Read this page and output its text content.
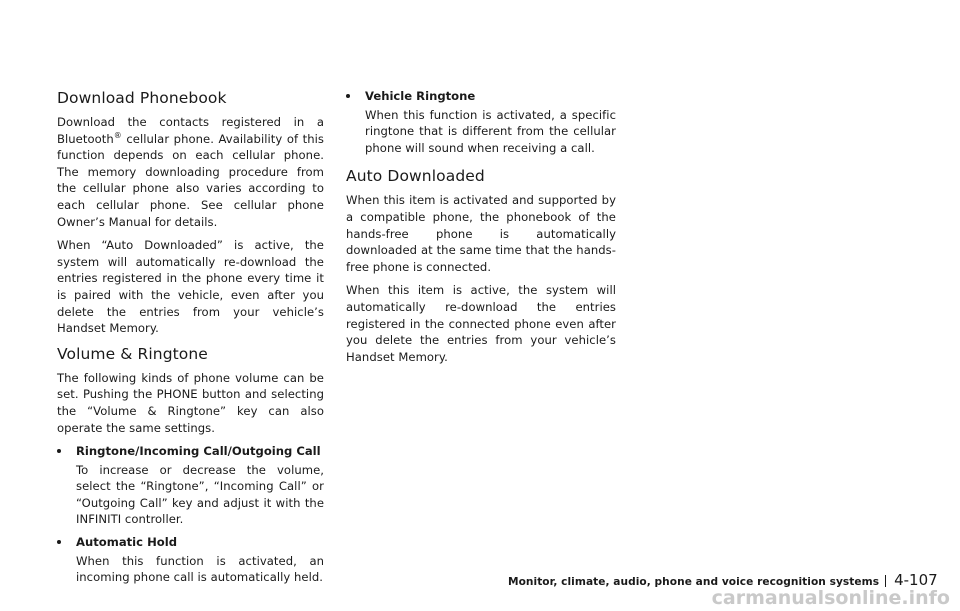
Download Phonebook

Download the contacts registered in a Bluetooth® cellular phone. Availability of this function depends on each cellular phone. The memory downloading procedure from the cellular phone also varies according to each cellular phone. See cellular phone Owner’s Manual for details.

When “Auto Downloaded” is active, the system will automatically re-download the entries registered in the phone every time it is paired with the vehicle, even after you delete the entries from your vehicle’s Handset Memory.

Volume & Ringtone

The following kinds of phone volume can be set. Pushing the PHONE button and selecting the “Volume & Ringtone” key can also operate the same settings.

Ringtone/Incoming Call/Outgoing Call

To increase or decrease the volume, select the “Ringtone”, “Incoming Call” or “Outgoing Call” key and adjust it with the INFINITI controller.

Automatic Hold

When this function is activated, an incoming phone call is automatically held.

Vehicle Ringtone

When this function is activated, a specific ringtone that is different from the cellular phone will sound when receiving a call.

Auto Downloaded

When this item is activated and supported by a compatible phone, the phonebook of the hands-free phone is automatically downloaded at the same time that the hands-free phone is connected.

When this item is active, the system will automatically re-download the entries registered in the connected phone even after you delete the entries from your vehicle’s Handset Memory.

Monitor, climate, audio, phone and voice recognition systems 4-107
carmanualsonline.info
